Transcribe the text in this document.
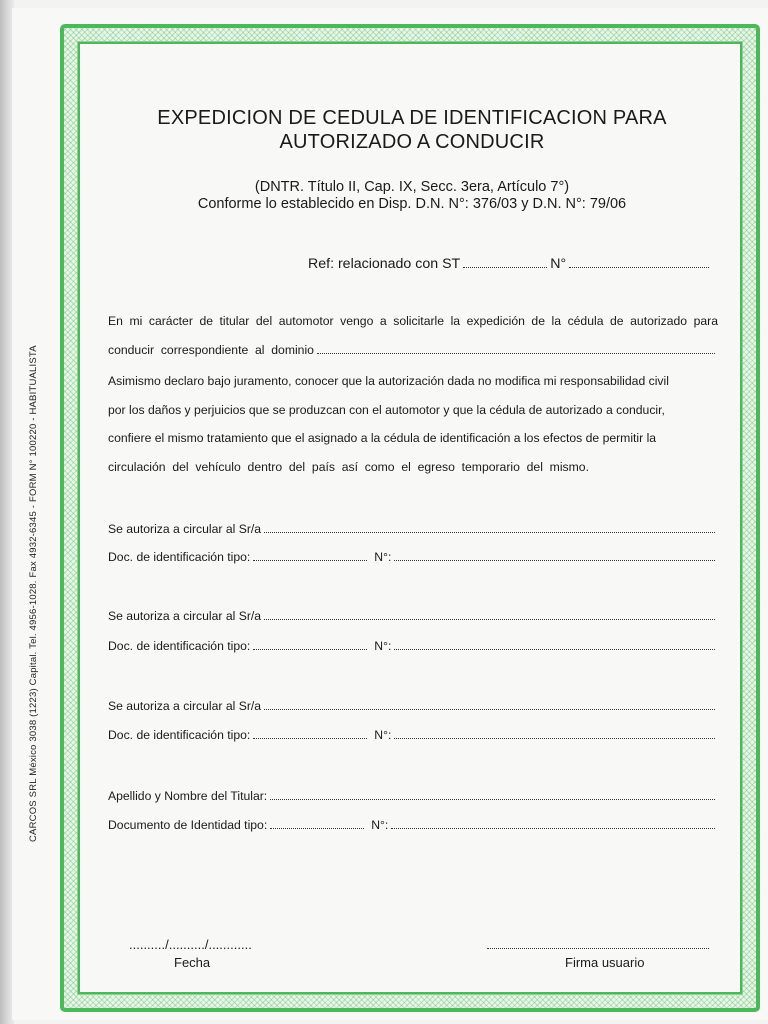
CARCOS SRL México 3038 (1223) Capital. Tel. 4956-1028. Fax 4932-6345 - FORM N° 100220 - HABITUALISTA
EXPEDICION DE CEDULA DE IDENTIFICACION PARA
AUTORIZADO A CONDUCIR
(DNTR. Título II, Cap. IX, Secc. 3era, Artículo 7°)
Conforme lo establecido en Disp. D.N. N°: 376/03 y D.N. N°: 79/06
Ref: relacionado con ST	N°
En mi carácter de titular del automotor vengo a solicitarle la expedición de la cédula de autorizado para
conducir  correspondiente  al  dominio
Asimismo declaro bajo juramento, conocer que la autorización dada no modifica mi responsabilidad civil
por los daños y perjuicios que se produzcan con el automotor y que la cédula de autorizado a conducir,
confiere el mismo tratamiento que el asignado a la cédula de identificación a los efectos de permitir la
circulación  del  vehículo  dentro  del  país  así  como  el  egreso  temporario  del  mismo.
Se autoriza a circular al Sr/a
Doc. de identificación tipo:	N°:
Se autoriza a circular al Sr/a
Doc. de identificación tipo:	N°:
Se autoriza a circular al Sr/a
Doc. de identificación tipo:	N°:
Apellido y Nombre del Titular:
Documento de Identidad tipo:	N°:
........../........../............
Fecha	Firma usuario
